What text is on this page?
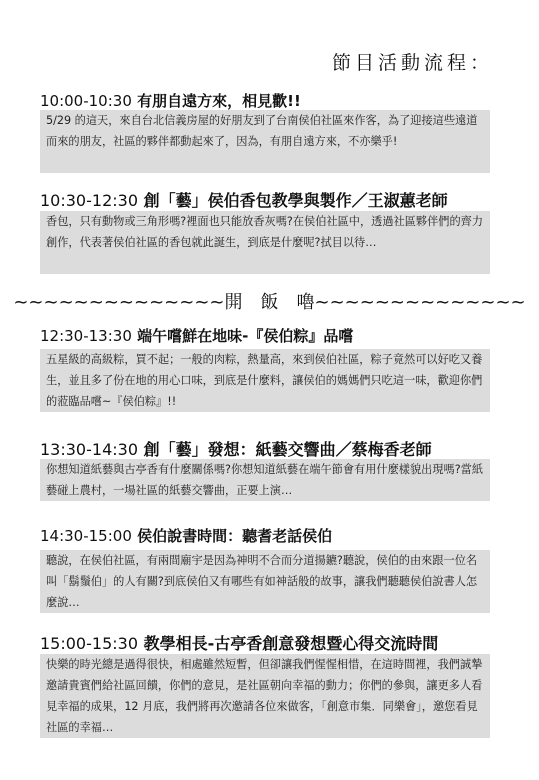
節目活動流程：
10:00-10:30 有朋自遠方來，相見歡!!
5/29 的這天，來自台北信義房屋的好朋友到了台南侯伯社區來作客，為了迎接這些遠道而來的朋友，社區的夥伴都動起來了，因為，有朋自遠方來，不亦樂乎!
10:30-12:30 創「藝」侯伯香包教學與製作／王淑蕙老師
香包，只有動物或三角形嗎?裡面也只能放香灰嗎?在侯伯社區中，透過社區夥伴們的齊力創作，代表著侯伯社區的香包就此誕生，到底是什麼呢?拭目以待…
~~~~~~~~~~~~~~開　飯　嚕~~~~~~~~~~~~~~
12:30-13:30 端午嚐鮮在地味-『侯伯粽』品嚐
五星級的高級粽，買不起；一般的肉粽，熱量高，來到侯伯社區，粽子竟然可以好吃又養生，並且多了份在地的用心口味，到底是什麼料，讓侯伯的媽媽們只吃這一味，歡迎你們的蒞臨品嚐~『侯伯粽』!!
13:30-14:30 創「藝」發想：紙藝交響曲／蔡梅香老師
你想知道紙藝與古亭香有什麼關係嗎?你想知道紙藝在端午節會有用什麼樣貌出現嗎?當紙藝碰上農村，一場社區的紙藝交響曲，正要上演…
14:30-15:00 侯伯說書時間：聽耆老話侯伯
聽說，在侯伯社區，有兩間廟宇是因為神明不合而分道揚鑣?聽說，侯伯的由來跟一位名叫「鬍鬚伯」的人有關?到底侯伯又有哪些有如神話般的故事，讓我們聽聽侯伯說書人怎麼說…
15:00-15:30 教學相長-古亭香創意發想暨心得交流時間
快樂的時光總是過得很快，相處雖然短暫，但卻讓我們惺惺相惜，在這時間裡，我們誠摯邀請貴賓們給社區回饋，你們的意見，是社區朝向幸福的動力；你們的參與，讓更多人看見幸福的成果，12 月底，我們將再次邀請各位來做客，「創意市集．同樂會」，邀您看見社區的幸福…
